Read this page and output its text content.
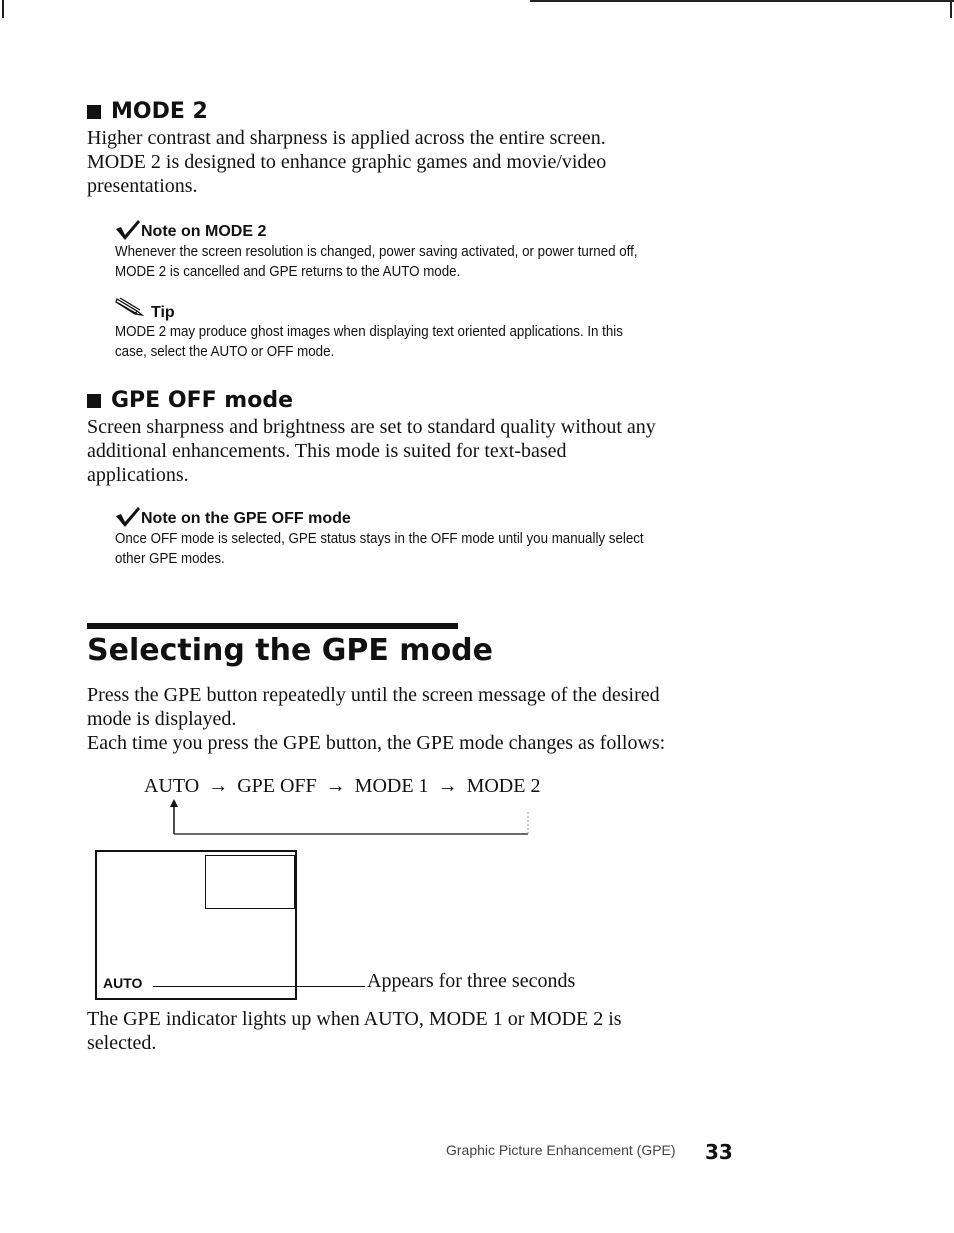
MODE 2

Higher contrast and sharpness is applied across the entire screen.

MODE 2 is designed to enhance graphic games and movie/video

presentations.

Note on MODE 2

Whenever the screen resolution is changed, power saving activated, or power turned off,

MODE 2 is cancelled and GPE returns to the AUTO mode.

Tip

MODE 2 may produce ghost images when displaying text oriented applications. In this

case, select the AUTO or OFF mode.

GPE OFF mode

Screen sharpness and brightness are set to standard quality without any

additional enhancements. This mode is suited for text-based

applications.

Note on the GPE OFF mode

Once OFF mode is selected, GPE status stays in the OFF mode until you manually select

other GPE modes.

Selecting the GPE mode

Press the GPE button repeatedly until the screen message of the desired

mode is displayed.

Each time you press the GPE button, the GPE mode changes as follows:

AUTO → GPE OFF → MODE 1 → MODE 2
AUTO	Appears for three seconds

The GPE indicator lights up when AUTO, MODE 1 or MODE 2 is

selected.

Graphic Picture Enhancement (GPE) 33
